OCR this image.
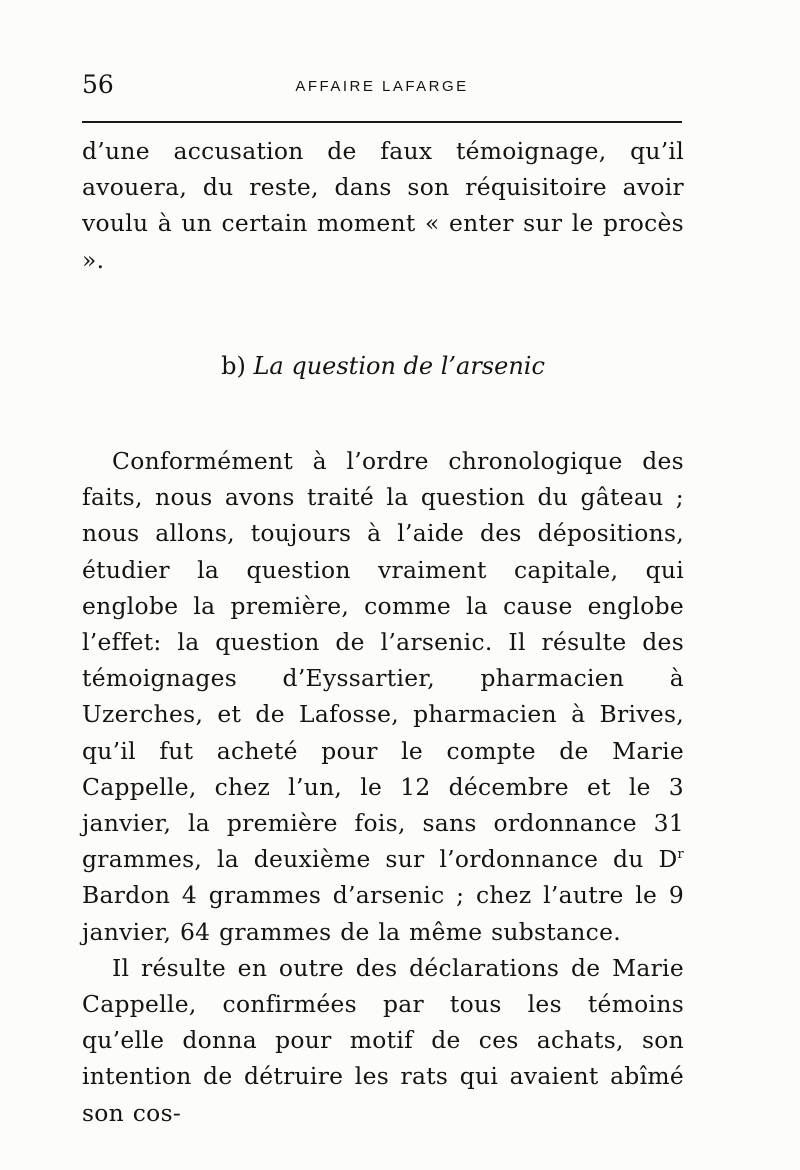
56	AFFAIRE LAFARGE

d’une accusation de faux témoignage, qu’il avouera, du reste, dans son réquisitoire avoir voulu à un certain moment « enter sur le procès ».

b) La question de l’arsenic

Conformément à l’ordre chronologique des faits, nous avons traité la question du gâteau ; nous allons, toujours à l’aide des dépositions, étudier la question vraiment capitale, qui englobe la première, comme la cause englobe l’effet: la question de l’arsenic. Il résulte des témoignages d’Eyssartier, pharmacien à Uzerches, et de Lafosse, pharmacien à Brives, qu’il fut acheté pour le compte de Marie Cappelle, chez l’un, le 12 décembre et le 3 janvier, la première fois, sans ordonnance 31 grammes, la deuxième sur l’ordonnance du $D^r$ Bardon 4 grammes d’arsenic ; chez l’autre le 9 janvier, 64 grammes de la même substance.

Il résulte en outre des déclarations de Marie Cappelle, confirmées par tous les témoins qu’elle donna pour motif de ces achats, son intention de détruire les rats qui avaient abîmé son cos-
